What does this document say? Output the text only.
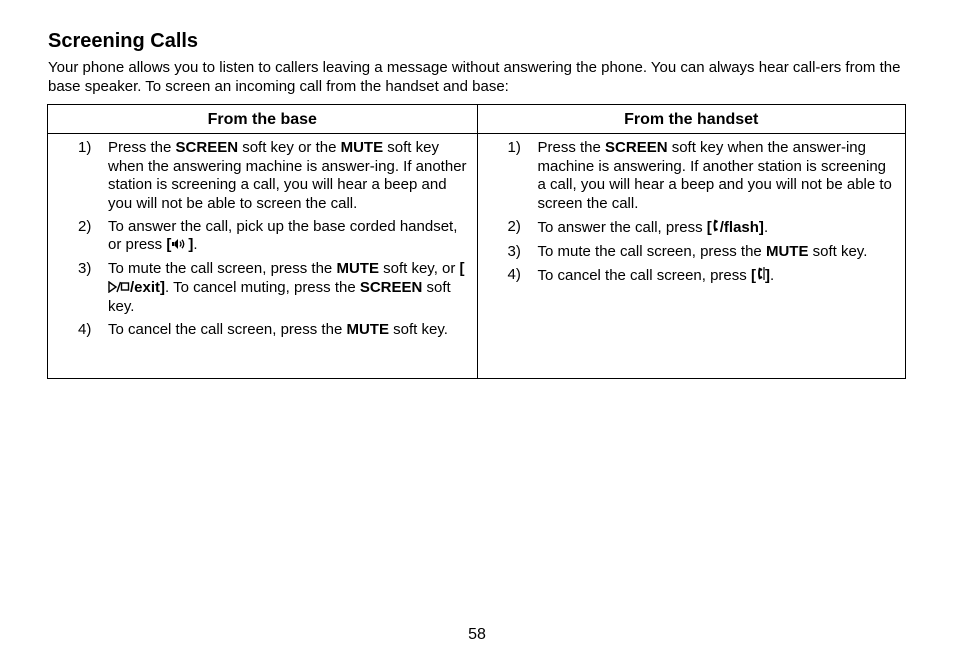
Screening Calls

Your phone allows you to listen to callers leaving a message without answering the phone. You can always hear call-ers from the base speaker. To screen an incoming call from the handset and base:

From the base
1)	Press the SCREEN soft key or the MUTE soft key when the answering machine is answer-ing. If another station is screening a call, you will hear a beep and you will not be able to screen the call.
2)	To answer the call, pick up the base corded handset, or press [ ].
3)	To mute the call screen, press the MUTE soft key, or [/exit]. To cancel muting, press the SCREEN soft key.
4)	To cancel the call screen, press the MUTE soft key.
From the handset
1)	Press the SCREEN soft key when the answer-ing machine is answering. If another station is screening a call, you will hear a beep and you will not be able to screen the call.
2)	To answer the call, press [ /flash].
3)	To mute the call screen, press the MUTE soft key.
4)	To cancel the call screen, press [ ].
58
